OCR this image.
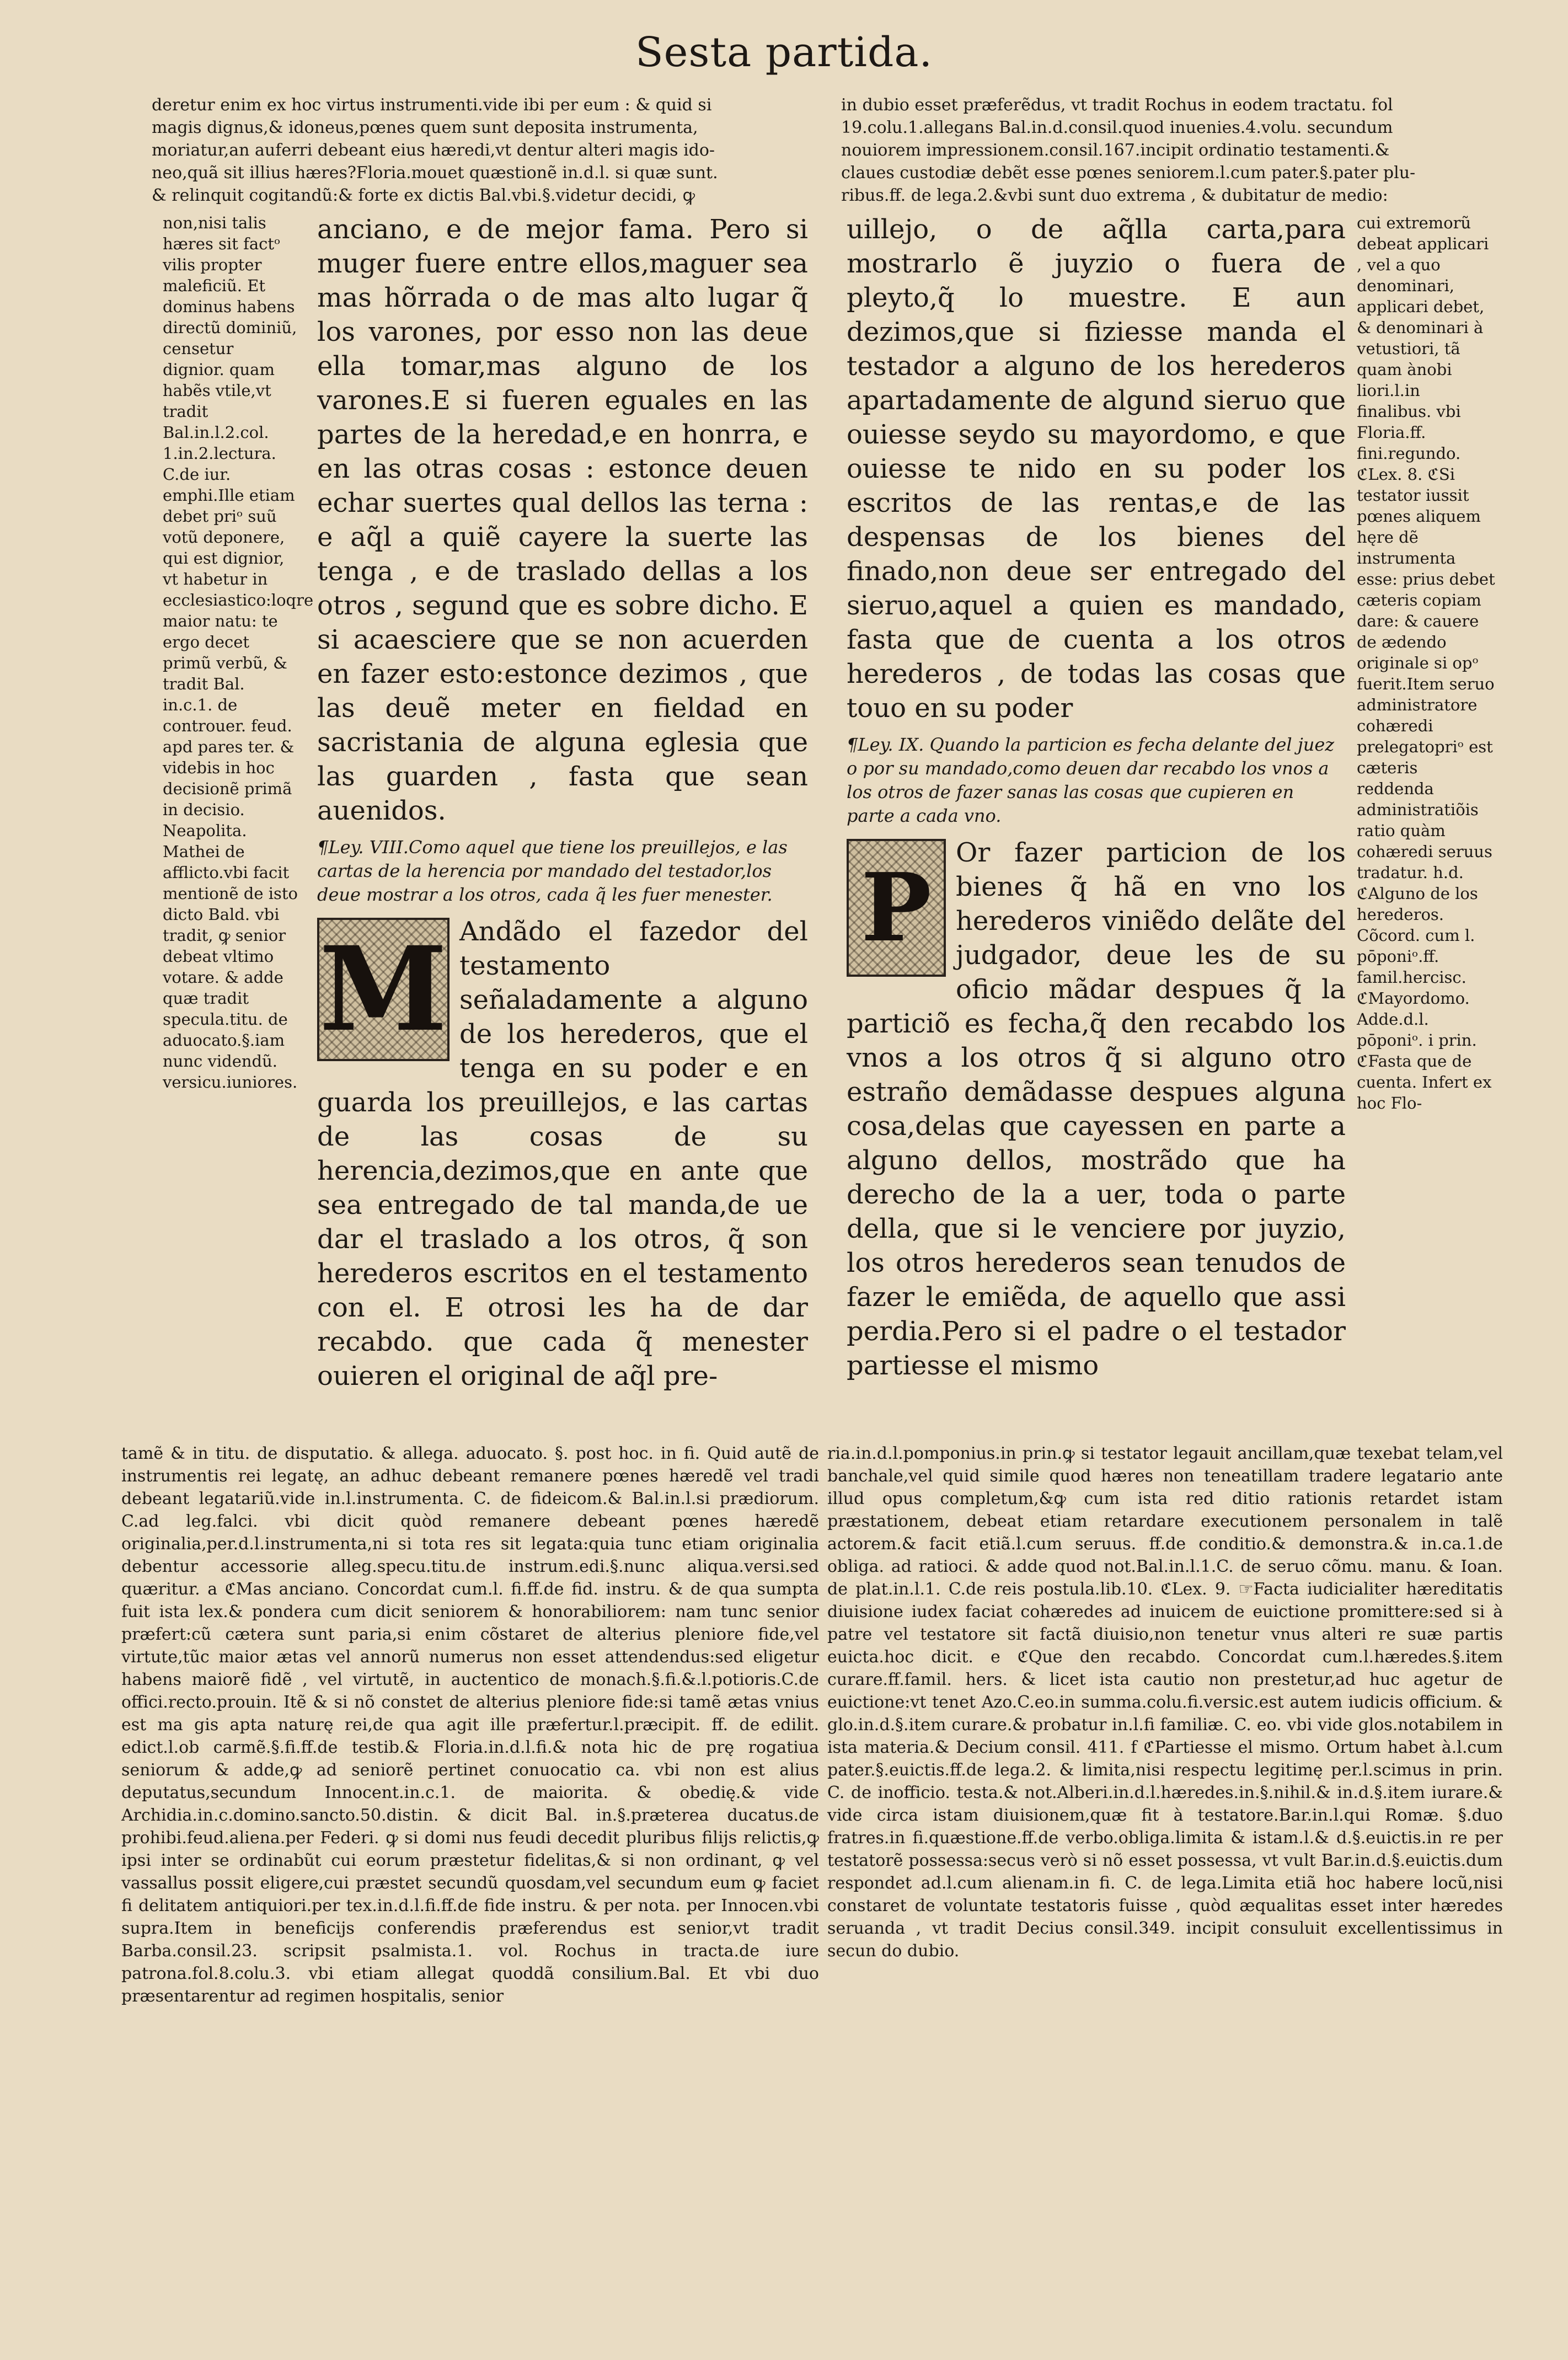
Sesta partida.
deretur enim ex hoc virtus instrumenti.vide ibi per eum : & quid si
magis dignus,& idoneus,pœnes quem sunt deposita instrumenta,
moriatur,an auferri debeant eius hæredi,vt dentur alteri magis ido-
neo,quã sit illius hæres?Floria.mouet quæstionẽ in.d.l. si quæ sunt.
& relinquit cogitandũ:& forte ex dictis Bal.vbi.§.videtur decidi, ꝙ
in dubio esset præferẽdus, vt tradit Rochus in eodem tractatu. fol
19.colu.1.allegans Bal.in.d.consil.quod inuenies.4.volu. secundum
nouiorem impressionem.consil.167.incipit ordinatio testamenti.&
claues custodiæ debẽt esse pœnes seniorem.l.cum pater.§.pater plu-
ribus.ff. de lega.2.&vbi sunt duo extrema , & dubitatur de medio:
non,nisi talis hæres sit factᵒ vilis propter maleficiũ. Et dominus habens directũ dominiũ, censetur dignior. quam habẽs vtile,vt tradit Bal.in.l.2.col. 1.in.2.lectura. C.de iur. emphi.Ille etiam debet priᵒ suũ votũ deponere, qui est dignior, vt habetur in ecclesiastico:loqre maior natu: te ergo decet primũ verbũ, & tradit Bal. in.c.1. de controuer. feud. apd pares ter. & videbis in hoc decisionẽ primã in decisio. Neapolita. Mathei de afflicto.vbi facit mentionẽ de isto dicto Bald. vbi tradit, ꝙ senior debeat vltimo votare. & adde quæ tradit specula.titu. de aduocato.§.iam nunc videndũ. versicu.iuniores.

anciano, e de mejor fama. Pero si muger fuere entre ellos,maguer sea mas hõrrada o de mas alto lugar q̃ los varones, por esso non las deue ella tomar,mas alguno de los varones.E si fueren eguales en las partes de la heredad,e en honrra, e en las otras cosas : estonce deuen echar suertes qual dellos las terna : e aq̃l a quiẽ cayere la suerte las tenga , e de traslado dellas a los otros , segund que es sobre dicho. E si acaesciere que se non acuerden en fazer esto:estonce dezimos , que las deuẽ meter en fieldad en sacristania de alguna eglesia que las guarden , fasta que sean auenidos.

¶Ley. VIII.Como aquel que tiene los preuillejos, e las cartas de la herencia por mandado del testador,los deue mostrar a los otros, cada q̃ les fuer menester.
M Andãdo el fazedor del testamento señaladamente a alguno de los herederos, que el tenga en su poder e en guarda los preuillejos, e las cartas de las cosas de su herencia,dezimos,que en ante que sea entregado de tal manda,de ue dar el traslado a los otros, q̃ son herederos escritos en el testamento con el. E otrosi les ha de dar recabdo. que cada q̃ menester ouieren el original de aq̃l pre-

uillejo, o de aq̃lla carta,para mostrarlo ẽ juyzio o fuera de pleyto,q̃ lo muestre. E aun dezimos,que si fiziesse manda el testador a alguno de los herederos apartadamente de algund sieruo que ouiesse seydo su mayordomo, e que ouiesse te nido en su poder los escritos de las rentas,e de las despensas de los bienes del finado,non deue ser entregado del sieruo,aquel a quien es mandado, fasta que de cuenta a los otros herederos , de todas las cosas que touo en su poder

¶Ley. IX. Quando la particion es fecha delante del juez o por su mandado,como deuen dar recabdo los vnos a los otros de fazer sanas las cosas que cupieren en parte a cada vno.
P Or fazer particion de los bienes q̃ hã en vno los herederos viniẽdo delãte del judgador, deue les de su oficio mãdar despues q̃ la particiõ es fecha,q̃ den recabdo los vnos a los otros q̃ si alguno otro estraño demãdasse despues alguna cosa,delas que cayessen en parte a alguno dellos, mostrãdo que ha derecho de la a uer, toda o parte della, que si le venciere por juyzio, los otros herederos sean tenudos de fazer le emiẽda, de aquello que assi perdia.Pero si el padre o el testador partiesse el mismo

cui extremorũ debeat applicari , vel a quo denominari, applicari debet, & denominari à vetustiori, tã quam ànobi liori.l.in finalibus. vbi Floria.ff. fini.regundo. ℭLex. 8. ℭSi testator iussit pœnes aliquem hęre dẽ instrumenta esse: prius debet cæteris copiam dare: & cauere de ædendo originale si opᵒ fuerit.Item seruo administratore cohæredi prelegatopriᵒ est cæteris reddenda administratiõis ratio quàm cohæredi seruus tradatur. h.d. ℭAlguno de los herederos. Cõcord. cum l. pōponiᵒ.ff. famil.hercisc. ℭMayordomo. Adde.d.l. pōponiᵒ. i prin. ℭFasta que de cuenta. Infert ex hoc Flo-
tamẽ & in titu. de disputatio. & allega. aduocato. §. post hoc. in fi. Quid autẽ de instrumentis rei legatę, an adhuc debeant remanere pœnes hæredẽ vel tradi debeant legatariũ.vide in.l.instrumenta. C. de fideicom.& Bal.in.l.si prædiorum. C.ad leg.falci. vbi dicit quòd remanere debeant pœnes hæredẽ originalia,per.d.l.instrumenta,ni si tota res sit legata:quia tunc etiam originalia debentur accessorie alleg.specu.titu.de instrum.edi.§.nunc aliqua.versi.sed quæritur. a ℭMas anciano. Concordat cum.l. fi.ff.de fid. instru. & de qua sumpta fuit ista lex.& pondera cum dicit seniorem & honorabiliorem: nam tunc senior præfert:cũ cætera sunt paria,si enim cõstaret de alterius pleniore fide,vel virtute,tũc maior ætas vel annorũ numerus non esset attendendus:sed eligetur habens maiorẽ fidẽ , vel virtutẽ, in auctentico de monach.§.fi.&.l.potioris.C.de offici.recto.prouin. Itẽ & si nõ constet de alterius pleniore fide:si tamẽ ætas vnius est ma gis apta naturę rei,de qua agit ille præfertur.l.præcipit. ff. de edilit. edict.l.ob carmẽ.§.fi.ff.de testib.& Floria.in.d.l.fi.& nota hic de prę rogatiua seniorum & adde,ꝙ ad seniorẽ pertinet conuocatio ca. vbi non est alius deputatus,secundum Innocent.in.c.1. de maiorita. & obedię.& vide Archidia.in.c.domino.sancto.50.distin. & dicit Bal. in.§.præterea ducatus.de prohibi.feud.aliena.per Federi. ꝙ si domi nus feudi decedit pluribus filijs relictis,ꝙ ipsi inter se ordinabũt cui eorum præstetur fidelitas,& si non ordinant, ꝙ vel vassallus possit eligere,cui præstet secundũ quosdam,vel secundum eum ꝙ faciet fi delitatem antiquiori.per tex.in.d.l.fi.ff.de fide instru. & per nota. per Innocen.vbi supra.Item in beneficijs conferendis præferendus est senior,vt tradit Barba.consil.23. scripsit psalmista.1. vol. Rochus in tracta.de iure patrona.fol.8.colu.3. vbi etiam allegat quoddã consilium.Bal. Et vbi duo præsentarentur ad regimen hospitalis, senior
ria.in.d.l.pomponius.in prin.ꝙ si testator legauit ancillam,quæ texebat telam,vel banchale,vel quid simile quod hæres non teneatillam tradere legatario ante illud opus completum,&ꝙ cum ista red ditio rationis retardet istam præstationem, debeat etiam retardare executionem personalem in talẽ actorem.& facit etiã.l.cum seruus. ff.de conditio.& demonstra.& in.ca.1.de obliga. ad ratioci. & adde quod not.Bal.in.l.1.C. de seruo cõmu. manu. & Ioan. de plat.in.l.1. C.de reis postula.lib.10. ℭLex. 9. ☞Facta iudicialiter hæreditatis diuisione iudex faciat cohæredes ad inuicem de euictione promittere:sed si à patre vel testatore sit factã diuisio,non tenetur vnus alteri re suæ partis euicta.hoc dicit. e ℭQue den recabdo. Concordat cum.l.hæredes.§.item curare.ff.famil. hers. & licet ista cautio non prestetur,ad huc agetur de euictione:vt tenet Azo.C.eo.in summa.colu.fi.versic.est autem iudicis officium. & glo.in.d.§.item curare.& probatur in.l.fi familiæ. C. eo. vbi vide glos.notabilem in ista materia.& Decium consil. 411. f ℭPartiesse el mismo. Ortum habet à.l.cum pater.§.euictis.ff.de lega.2. & limita,nisi respectu legitimę per.l.scimus in prin. C. de inofficio. testa.& not.Alberi.in.d.l.hæredes.in.§.nihil.& in.d.§.item iurare.& vide circa istam diuisionem,quæ fit à testatore.Bar.in.l.qui Romæ. §.duo fratres.in fi.quæstione.ff.de verbo.obliga.limita & istam.l.& d.§.euictis.in re per testatorẽ possessa:secus verò si nõ esset possessa, vt vult Bar.in.d.§.euictis.dum respondet ad.l.cum alienam.in fi. C. de lega.Limita etiã hoc habere locũ,nisi constaret de voluntate testatoris fuisse , quòd æqualitas esset inter hæredes seruanda , vt tradit Decius consil.349. incipit consuluit excellentissimus in secun do dubio.
